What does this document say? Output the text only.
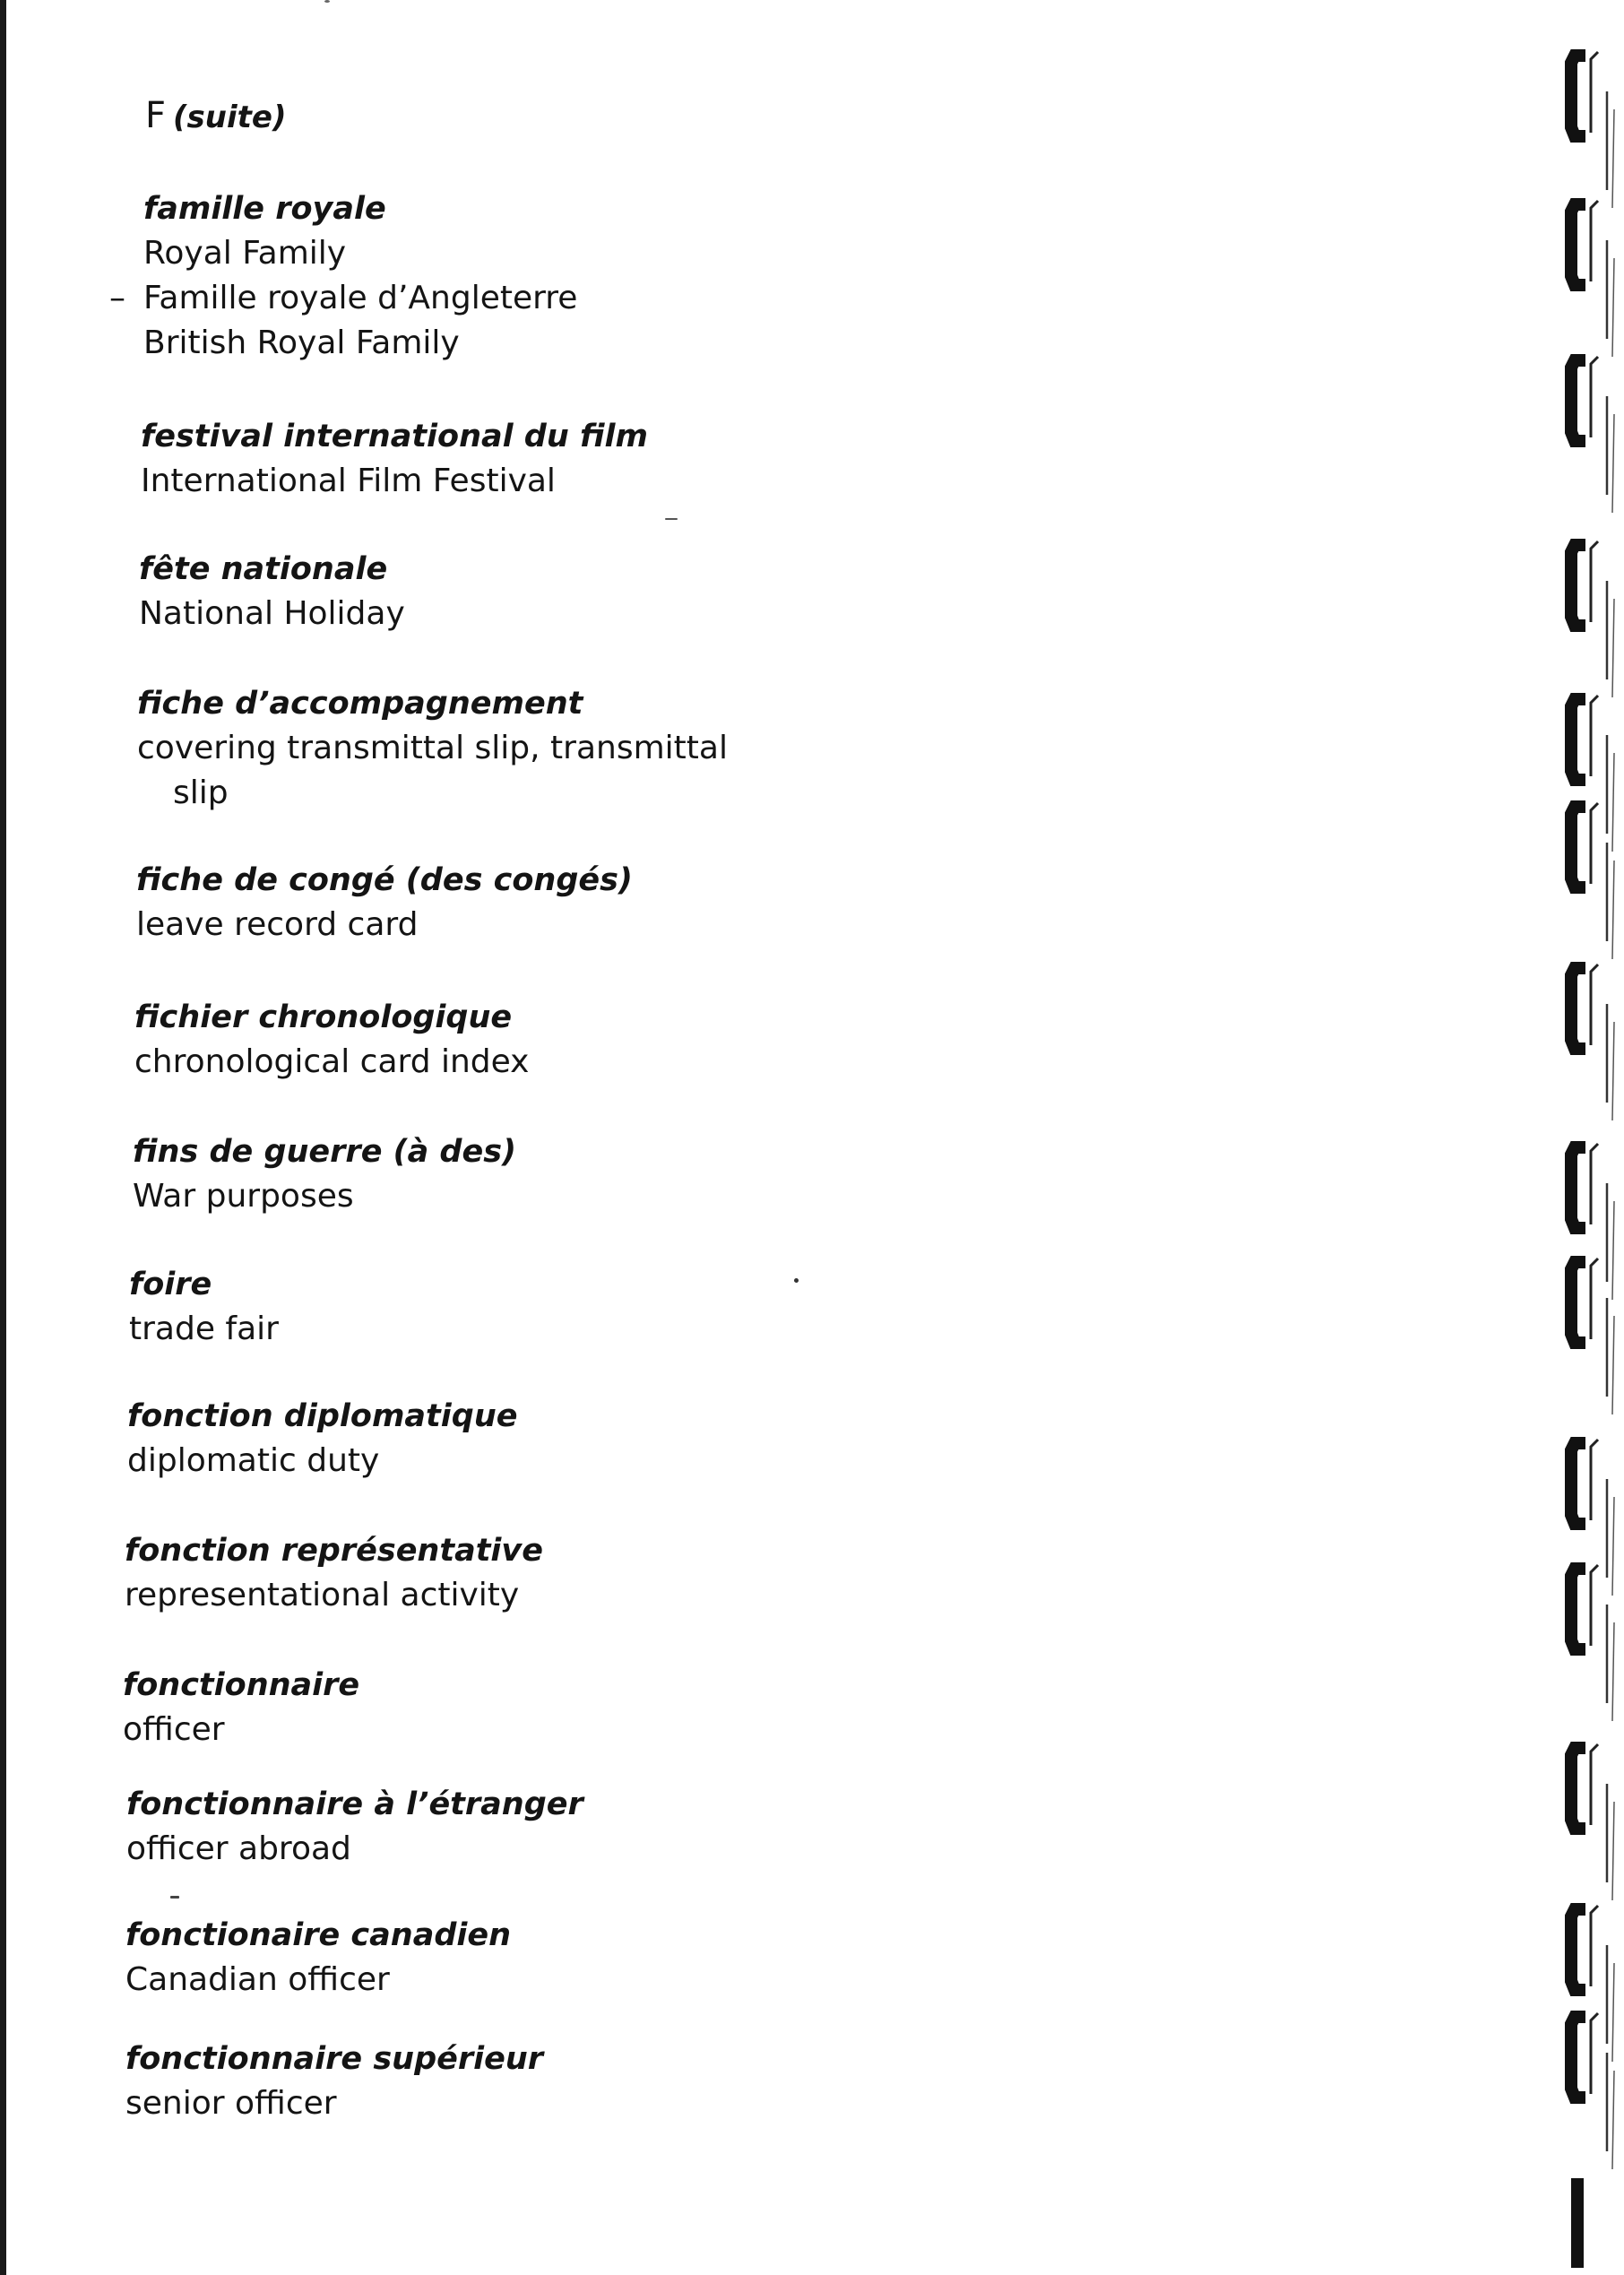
F (suite)
famille royale
Royal Family
– Famille royale d’Angleterre
British Royal Family
festival international du film
International Film Festival
fête nationale
National Holiday
fiche d’accompagnement
covering transmittal slip, transmittal
slip
fiche de congé (des congés)
leave record card
fichier chronologique
chronological card index
fins de guerre (à des)
War purposes
foire
trade fair
fonction diplomatique
diplomatic duty
fonction représentative
representational activity
fonctionnaire
officer
fonctionnaire à l’étranger
officer abroad
fonctionaire canadien
Canadian officer
fonctionnaire supérieur
senior officer
